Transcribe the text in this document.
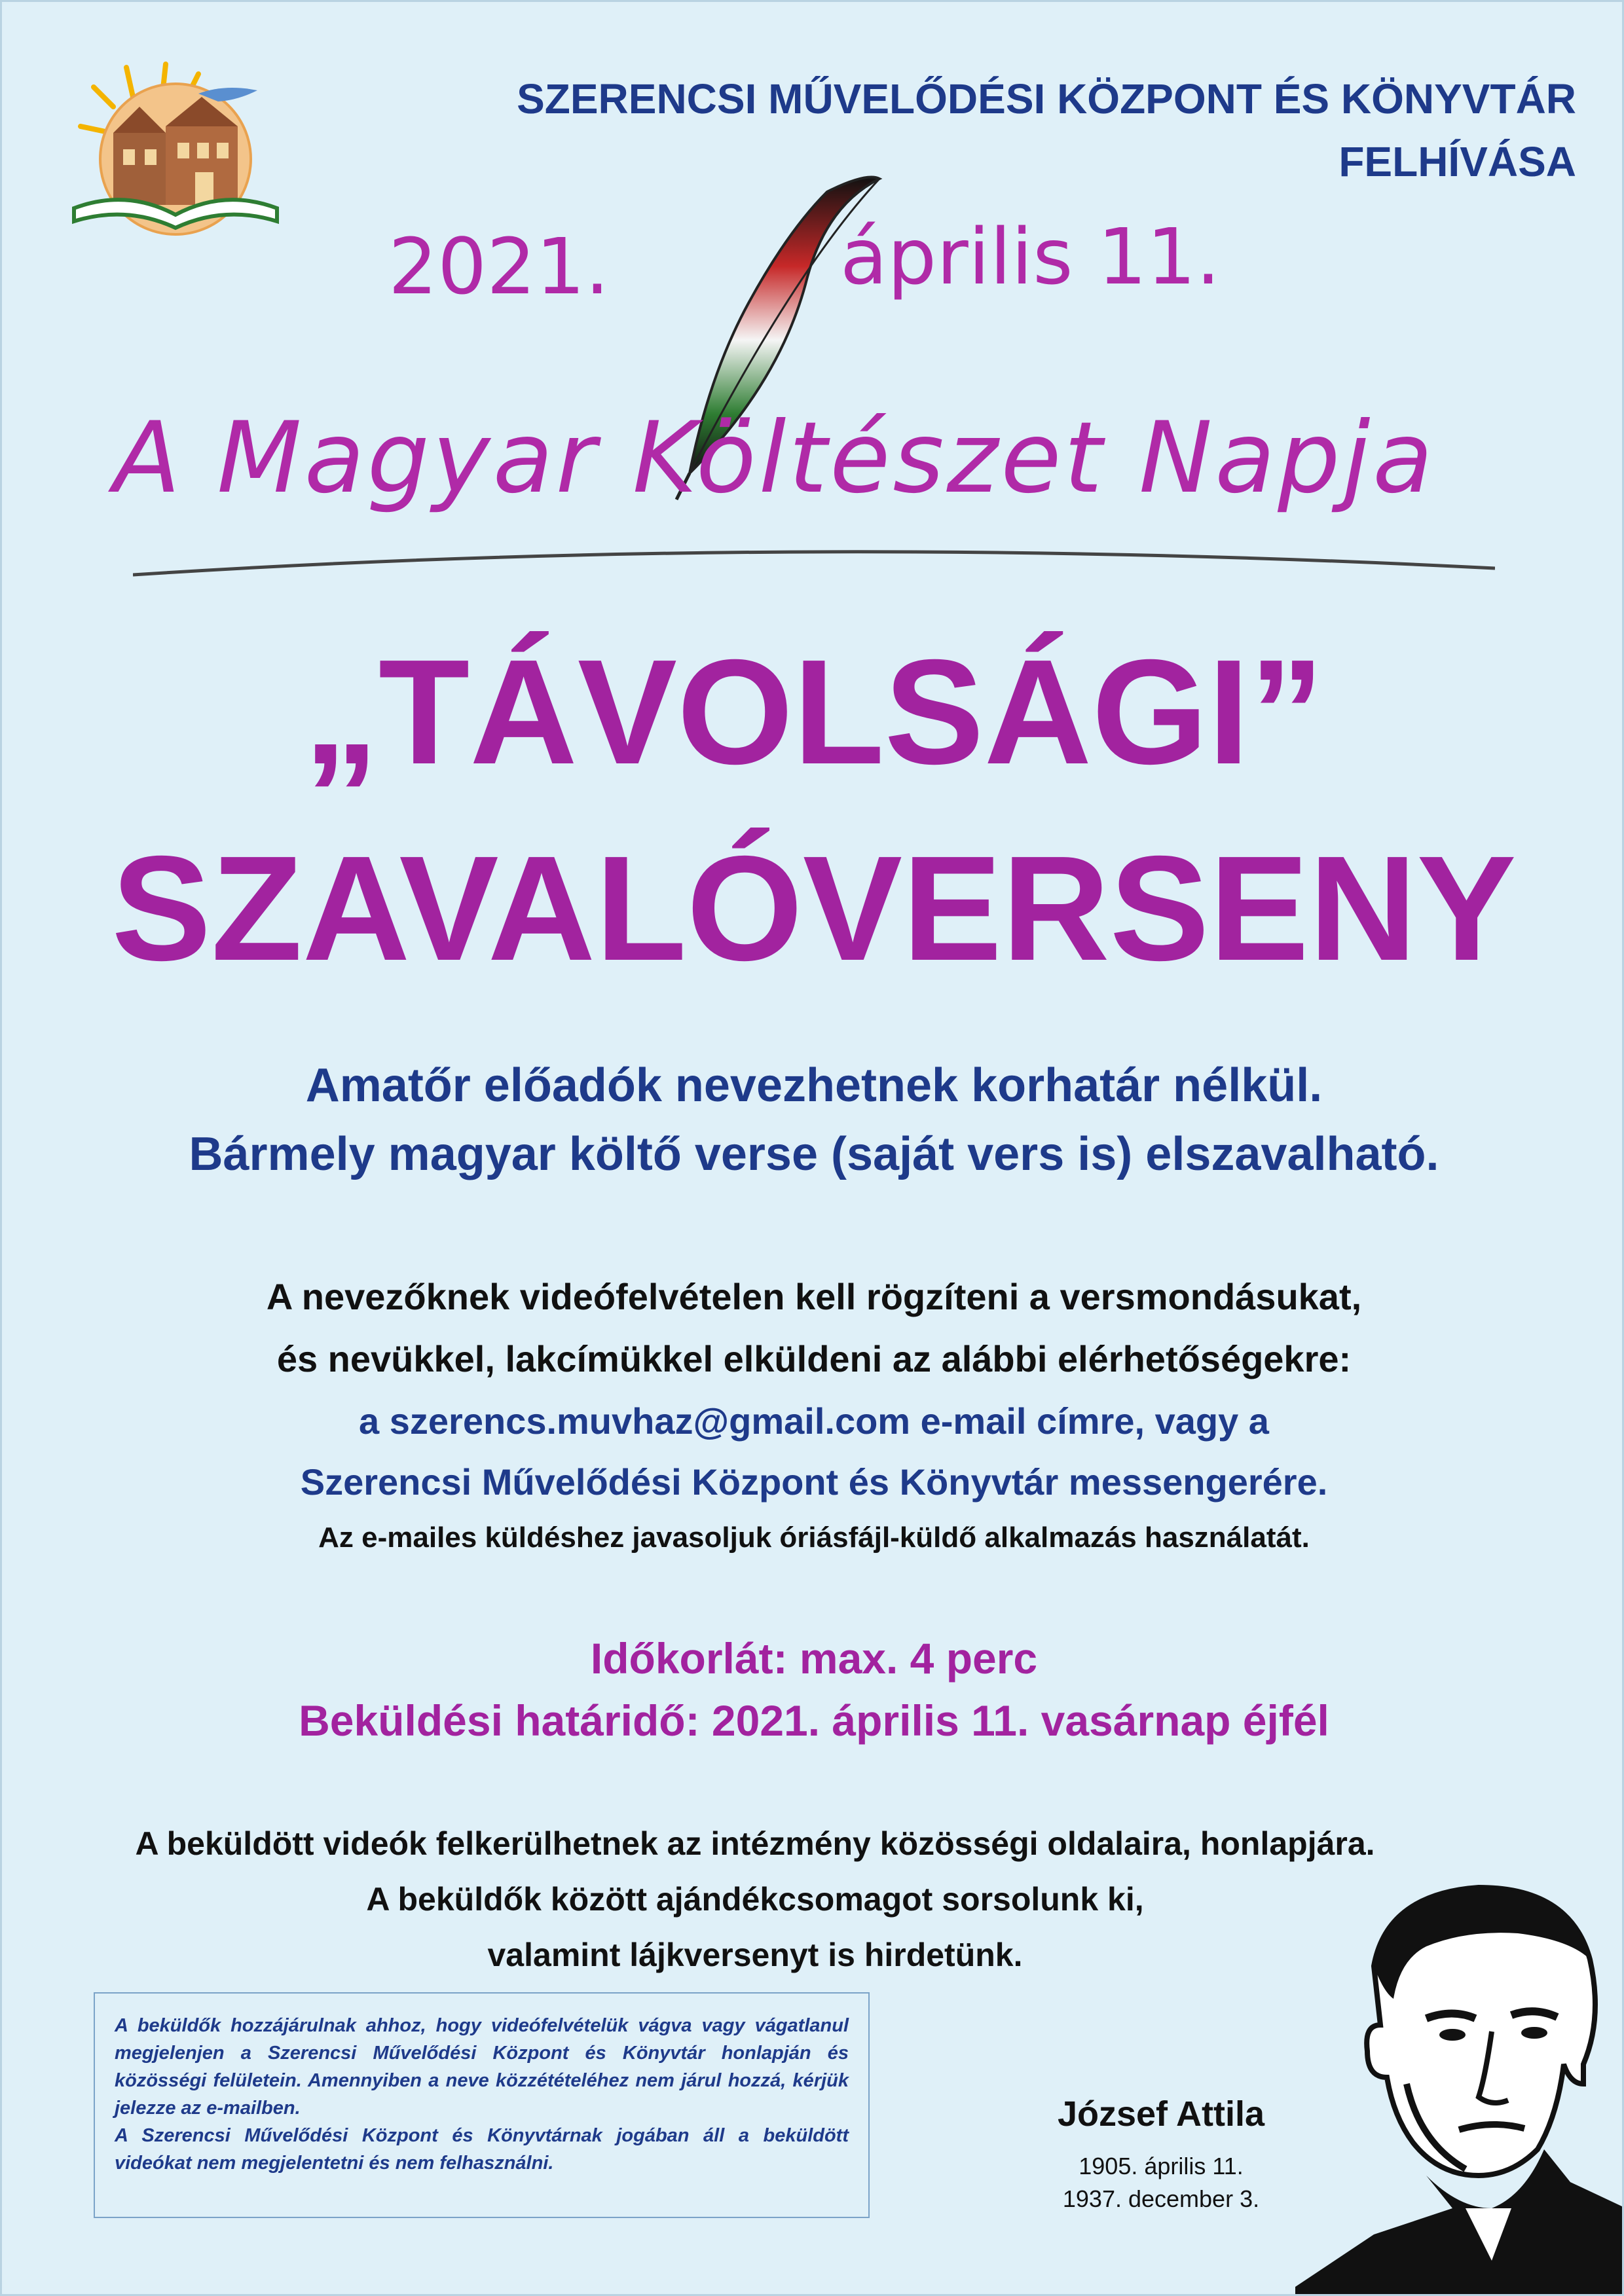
SZERENCSI MŰVELŐDÉSI KÖZPONT ÉS KÖNYVTÁR
FELHÍVÁSA
2021.	április 11.
A Magyar Költészet Napja
„TÁVOLSÁGI”
SZAVALÓVERSENY
Amatőr előadók nevezhetnek korhatár nélkül.
Bármely magyar költő verse (saját vers is) elszavalható.
A nevezőknek videófelvételen kell rögzíteni a versmondásukat,
és nevükkel, lakcímükkel elküldeni az alábbi elérhetőségekre:
a szerencs.muvhaz@gmail.com e-mail címre, vagy a
Szerencsi Művelődési Központ és Könyvtár messengerére.
Az e-mailes küldéshez javasoljuk óriásfájl-küldő alkalmazás használatát.
Időkorlát: max. 4 perc
Beküldési határidő: 2021. április 11. vasárnap éjfél
A beküldött videók felkerülhetnek az intézmény közösségi oldalaira, honlapjára.
A beküldők között ajándékcsomagot sorsolunk ki,
valamint lájkversenyt is hirdetünk.

A beküldők hozzájárulnak ahhoz, hogy videófelvételük vágva vagy vágatlanul megjelenjen a Szerencsi Művelődési Központ és Könyvtár honlapján és közösségi felületein. Amennyiben a neve közzétételéhez nem járul hozzá, kérjük jelezze az e-mailben.

A Szerencsi Művelődési Központ és Könyvtárnak jogában áll a beküldött videókat nem megjelentetni és nem felhasználni.

József Attila
1905. április 11.
1937. december 3.
